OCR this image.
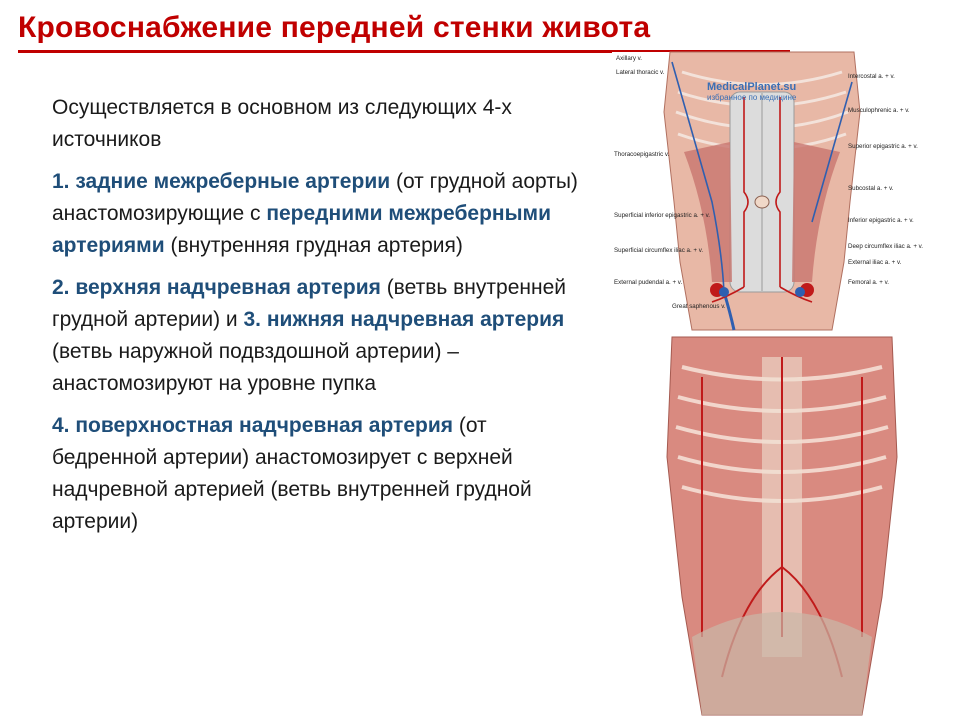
Кровоснабжение передней стенки живота

Осуществляется в основном из следующих 4-х источников

1. задние межреберные артерии (от грудной аорты) анастомозирующие с передними межреберными артериями (внутренняя грудная артерия)

2. верхняя надчревная артерия (ветвь внутренней грудной артерии) и 3. нижняя надчревная артерия (ветвь наружной подвздошной артерии) – анастомозируют на уровне пупка

4. поверхностная надчревная артерия (от бедренной артерии) анастомозирует с верхней надчревной артерией (ветвь внутренней грудной артерии)

MedicalPlanet.su
избранное по медицине
Axillary v.
Lateral thoracic v.
Thoracoepigastric v.
Superficial inferior epigastric a. + v.
Superficial circumflex iliac a. + v.
External pudendal a. + v.
Great saphenous v.
Intercostal a. + v.
Musculophrenic a. + v.
Superior epigastric a. + v.
Subcostal a. + v.
Inferior epigastric a. + v.
Deep circumflex iliac a. + v.
External iliac a. + v.
Femoral a. + v.
